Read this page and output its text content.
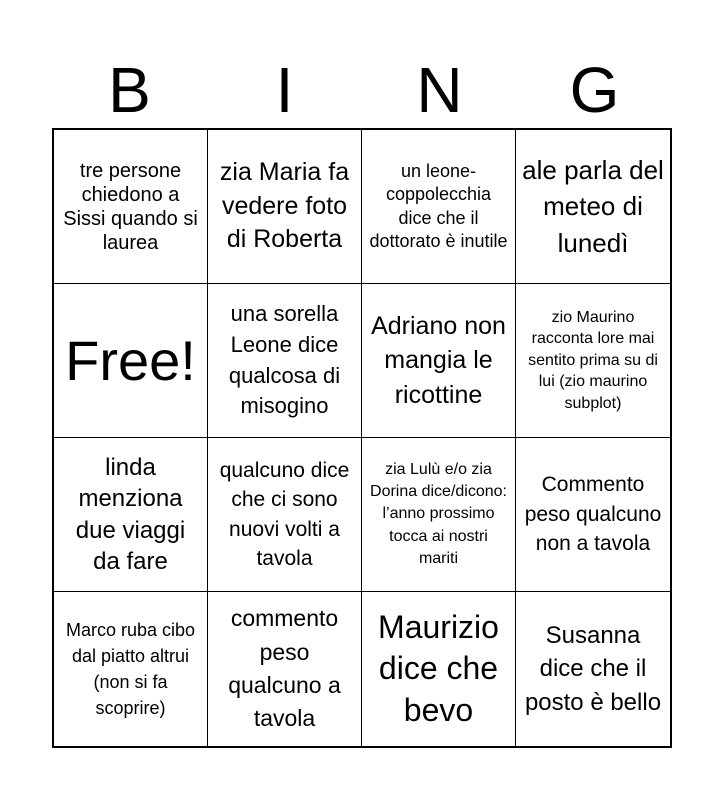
B	I	N	G
tre persone chiedono a Sissi quando si laurea
zia Maria fa vedere foto di Roberta
un leone-coppolecchia dice che il dottorato è inutile
ale parla del meteo di lunedì
Free!
una sorella Leone dice qualcosa di misogino
Adriano non mangia le ricottine
zio Maurino racconta lore mai sentito prima su di lui (zio maurino subplot)
linda menziona due viaggi da fare
qualcuno dice che ci sono nuovi volti a tavola
zia Lulù e/o zia Dorina dice/dicono: l’anno prossimo tocca ai nostri mariti
Commento peso qualcuno non a tavola
Marco ruba cibo dal piatto altrui (non si fa scoprire)
commento peso qualcuno a tavola
Maurizio dice che bevo
Susanna dice che il posto è bello
